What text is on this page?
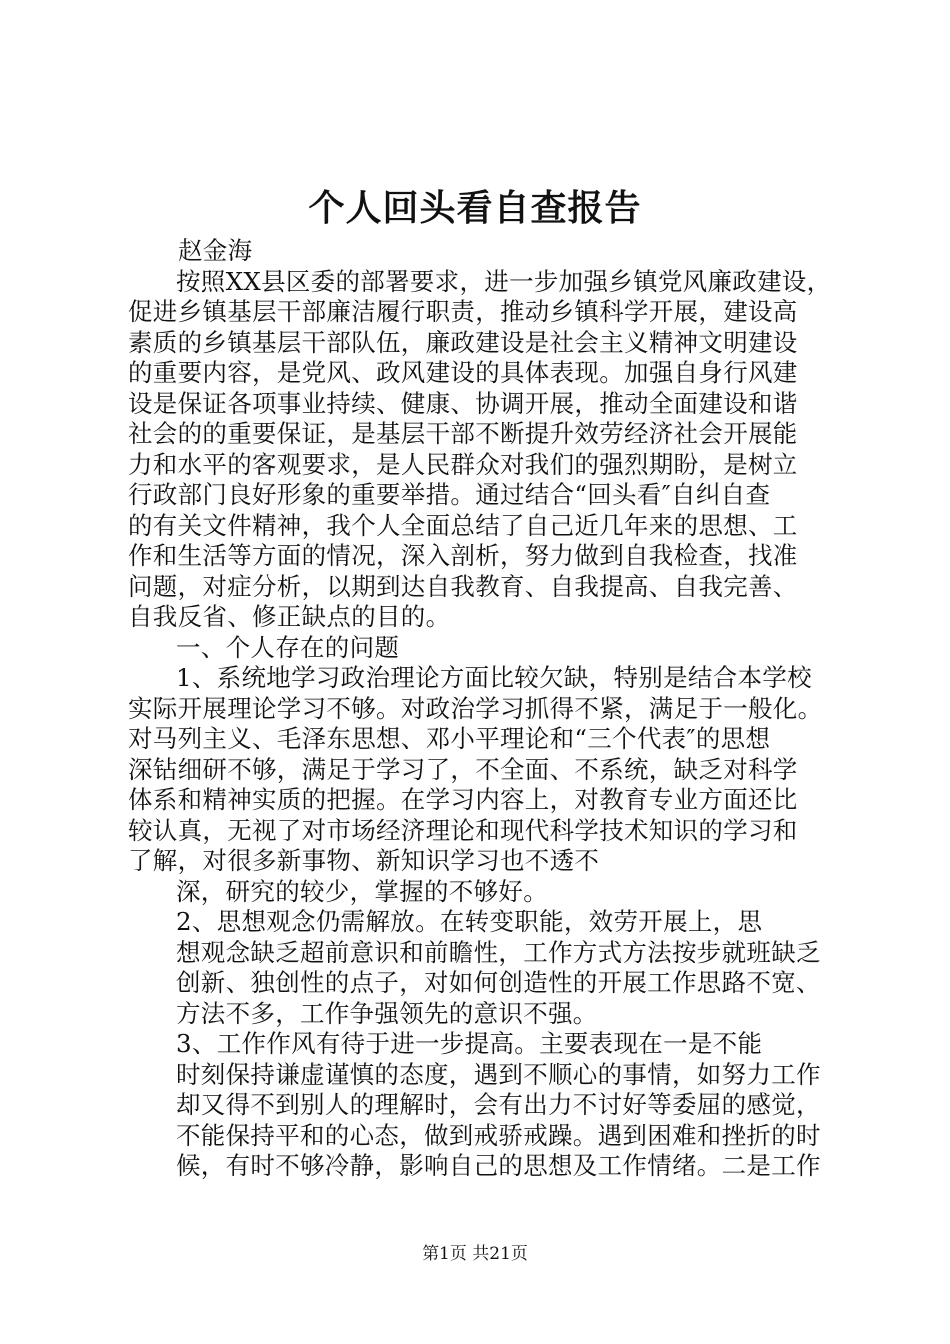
个人回头看自查报告
赵金海
按照XX县区委的部署要求，进一步加强乡镇党风廉政建设，
促进乡镇基层干部廉洁履行职责，推动乡镇科学开展，建设高
素质的乡镇基层干部队伍，廉政建设是社会主义精神文明建设
的重要内容，是党风、政风建设的具体表现。加强自身行风建
设是保证各项事业持续、健康、协调开展，推动全面建设和谐
社会的的重要保证，是基层干部不断提升效劳经济社会开展能
力和水平的客观要求，是人民群众对我们的强烈期盼，是树立
行政部门良好形象的重要举措。通过结合“回头看″自纠自查
的有关文件精神，我个人全面总结了自己近几年来的思想、工
作和生活等方面的情况，深入剖析，努力做到自我检查，找准
问题，对症分析，以期到达自我教育、自我提高、自我完善、
自我反省、修正缺点的目的。
一、个人存在的问题
1、系统地学习政治理论方面比较欠缺，特别是结合本学校
实际开展理论学习不够。对政治学习抓得不紧，满足于一般化。
对马列主义、毛泽东思想、邓小平理论和“三个代表″的思想
深钻细研不够，满足于学习了，不全面、不系统，缺乏对科学
体系和精神实质的把握。在学习内容上，对教育专业方面还比
较认真，无视了对市场经济理论和现代科学技术知识的学习和
了解，对很多新事物、新知识学习也不透不
深，研究的较少，掌握的不够好。
2、思想观念仍需解放。在转变职能，效劳开展上，思
想观念缺乏超前意识和前瞻性，工作方式方法按步就班缺乏
创新、独创性的点子，对如何创造性的开展工作思路不宽、
方法不多，工作争强领先的意识不强。
3、工作作风有待于进一步提高。主要表现在一是不能
时刻保持谦虚谨慎的态度，遇到不顺心的事情，如努力工作
却又得不到别人的理解时，会有出力不讨好等委屈的感觉，
不能保持平和的心态，做到戒骄戒躁。遇到困难和挫折的时
候，有时不够冷静，影响自己的思想及工作情绪。二是工作
第1页 共21页
